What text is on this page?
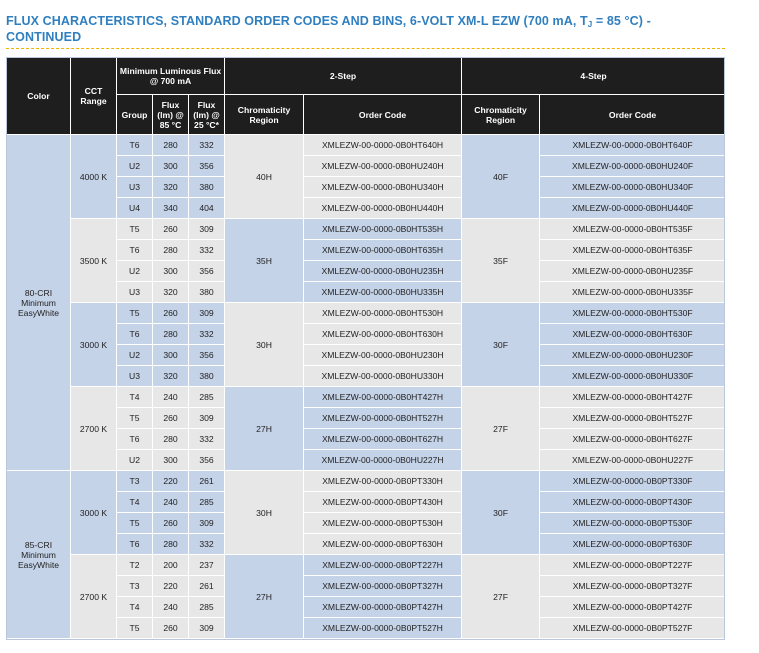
FLUX CHARACTERISTICS, STANDARD ORDER CODES AND BINS, 6-VOLT XM-L EZW (700 mA, $T_J = 85$ °C) -
CONTINUED
Color	CCT Range	Minimum Luminous Flux @ 700 mA			2-Step		4-Step	
		Group	Flux (lm) @ 85 °C	Flux (lm) @ 25 °C*	Chromaticity Region	Order Code	Chromaticity Region	Order Code
80-CRI Minimum EasyWhite	4000 K	T6	280	332	40H	XMLEZW-00-0000-0B0HT640H	40F	XMLEZW-00-0000-0B0HT640F
		U2	300	356		XMLEZW-00-0000-0B0HU240H		XMLEZW-00-0000-0B0HU240F
		U3	320	380		XMLEZW-00-0000-0B0HU340H		XMLEZW-00-0000-0B0HU340F
		U4	340	404		XMLEZW-00-0000-0B0HU440H		XMLEZW-00-0000-0B0HU440F
	3500 K	T5	260	309	35H	XMLEZW-00-0000-0B0HT535H	35F	XMLEZW-00-0000-0B0HT535F
		T6	280	332		XMLEZW-00-0000-0B0HT635H		XMLEZW-00-0000-0B0HT635F
		U2	300	356		XMLEZW-00-0000-0B0HU235H		XMLEZW-00-0000-0B0HU235F
		U3	320	380		XMLEZW-00-0000-0B0HU335H		XMLEZW-00-0000-0B0HU335F
	3000 K	T5	260	309	30H	XMLEZW-00-0000-0B0HT530H	30F	XMLEZW-00-0000-0B0HT530F
		T6	280	332		XMLEZW-00-0000-0B0HT630H		XMLEZW-00-0000-0B0HT630F
		U2	300	356		XMLEZW-00-0000-0B0HU230H		XMLEZW-00-0000-0B0HU230F
		U3	320	380		XMLEZW-00-0000-0B0HU330H		XMLEZW-00-0000-0B0HU330F
	2700 K	T4	240	285	27H	XMLEZW-00-0000-0B0HT427H	27F	XMLEZW-00-0000-0B0HT427F
		T5	260	309		XMLEZW-00-0000-0B0HT527H		XMLEZW-00-0000-0B0HT527F
		T6	280	332		XMLEZW-00-0000-0B0HT627H		XMLEZW-00-0000-0B0HT627F
		U2	300	356		XMLEZW-00-0000-0B0HU227H		XMLEZW-00-0000-0B0HU227F
85-CRI Minimum EasyWhite	3000 K	T3	220	261	30H	XMLEZW-00-0000-0B0PT330H	30F	XMLEZW-00-0000-0B0PT330F
		T4	240	285		XMLEZW-00-0000-0B0PT430H		XMLEZW-00-0000-0B0PT430F
		T5	260	309		XMLEZW-00-0000-0B0PT530H		XMLEZW-00-0000-0B0PT530F
		T6	280	332		XMLEZW-00-0000-0B0PT630H		XMLEZW-00-0000-0B0PT630F
	2700 K	T2	200	237	27H	XMLEZW-00-0000-0B0PT227H	27F	XMLEZW-00-0000-0B0PT227F
		T3	220	261		XMLEZW-00-0000-0B0PT327H		XMLEZW-00-0000-0B0PT327F
		T4	240	285		XMLEZW-00-0000-0B0PT427H		XMLEZW-00-0000-0B0PT427F
		T5	260	309		XMLEZW-00-0000-0B0PT527H		XMLEZW-00-0000-0B0PT527F
